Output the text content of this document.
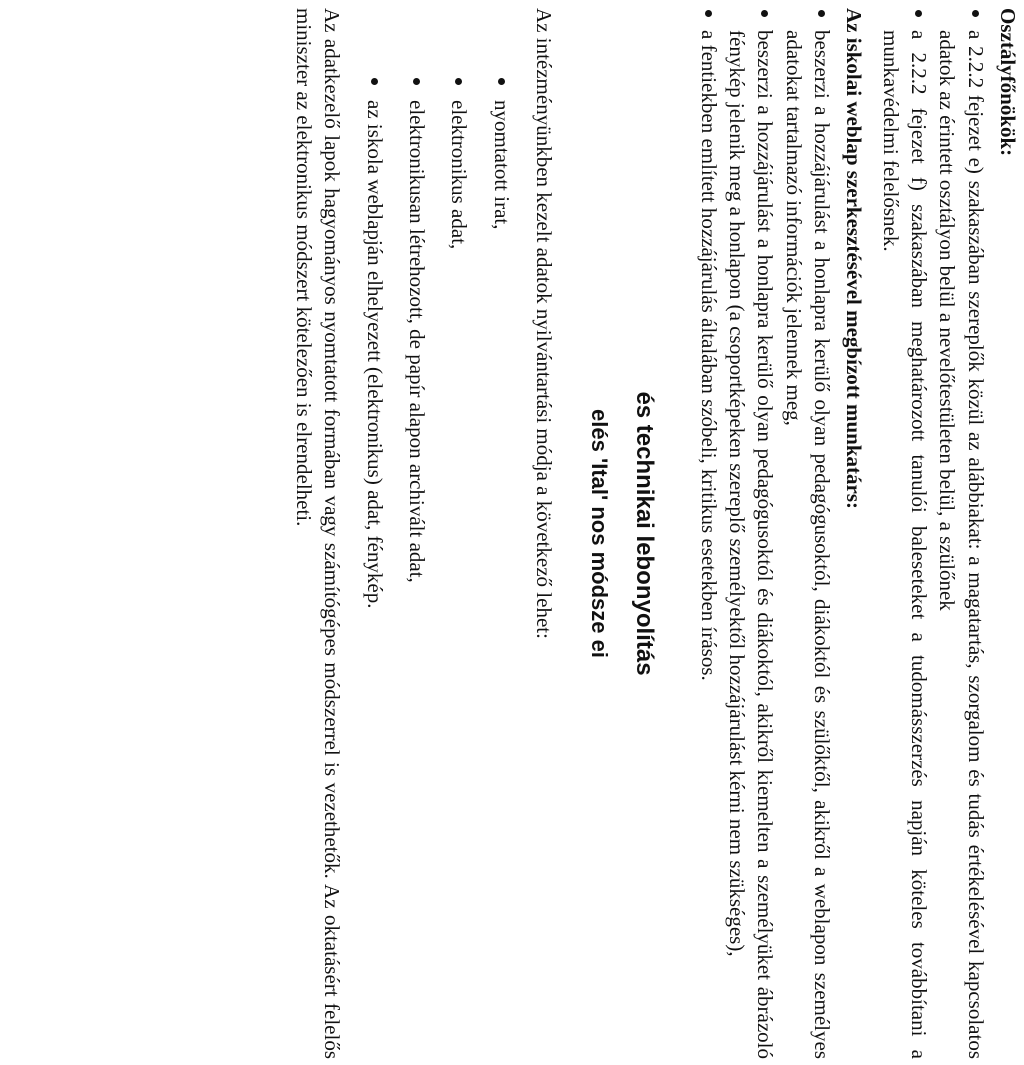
Osztályfőnökök:
a 2.2.2 fejezet e) szakaszában szereplők közül az alábbiakat: a magatartás, szorgalom és tudás értékelésével kapcsolatos adatok az érintett osztályon belül a nevelőtestületen belül, a szülőnek
a 2.2.2 fejezet f) szakaszában meghatározott tanulói baleseteket a tudomásszerzés napján köteles továbbítani a munkavédelmi felelősnek.
Az iskolai weblap szerkesztésével megbízott munkatárs:
beszerzi a hozzájárulást a honlapra kerülő olyan pedagógusoktól, diákoktól és szülőktől, akikről a weblapon személyes adatokat tartalmazó információk jelennek meg,
beszerzi a hozzájárulást a honlapra kerülő olyan pedagógusoktól és diákoktól, akikről kiemelten a személyüket ábrázoló fénykép jelenik meg a honlapon (a csoportképeken szereplő személyektől hozzájárulást kérni nem szükséges),
a fentiekben említett hozzájárulás általában szóbeli, kritikus esetekben írásos.
és technikai lebonyolítás
elés 'Ital' nos módsze ei
Az intézményünkben kezelt adatok nyilvántartási módja a következő lehet:
nyomtatott irat,
elektronikus adat,
elektronikusan létrehozott, de papír alapon archivált adat,
az iskola weblapján elhelyezett (elektronikus) adat, fénykép.
Az adatkezelő lapok hagyományos nyomtatott formában vagy számítógépes módszerrel is vezethetők. Az oktatásért felelős miniszter az elektronikus módszert kötelezően is elrendelheti.
